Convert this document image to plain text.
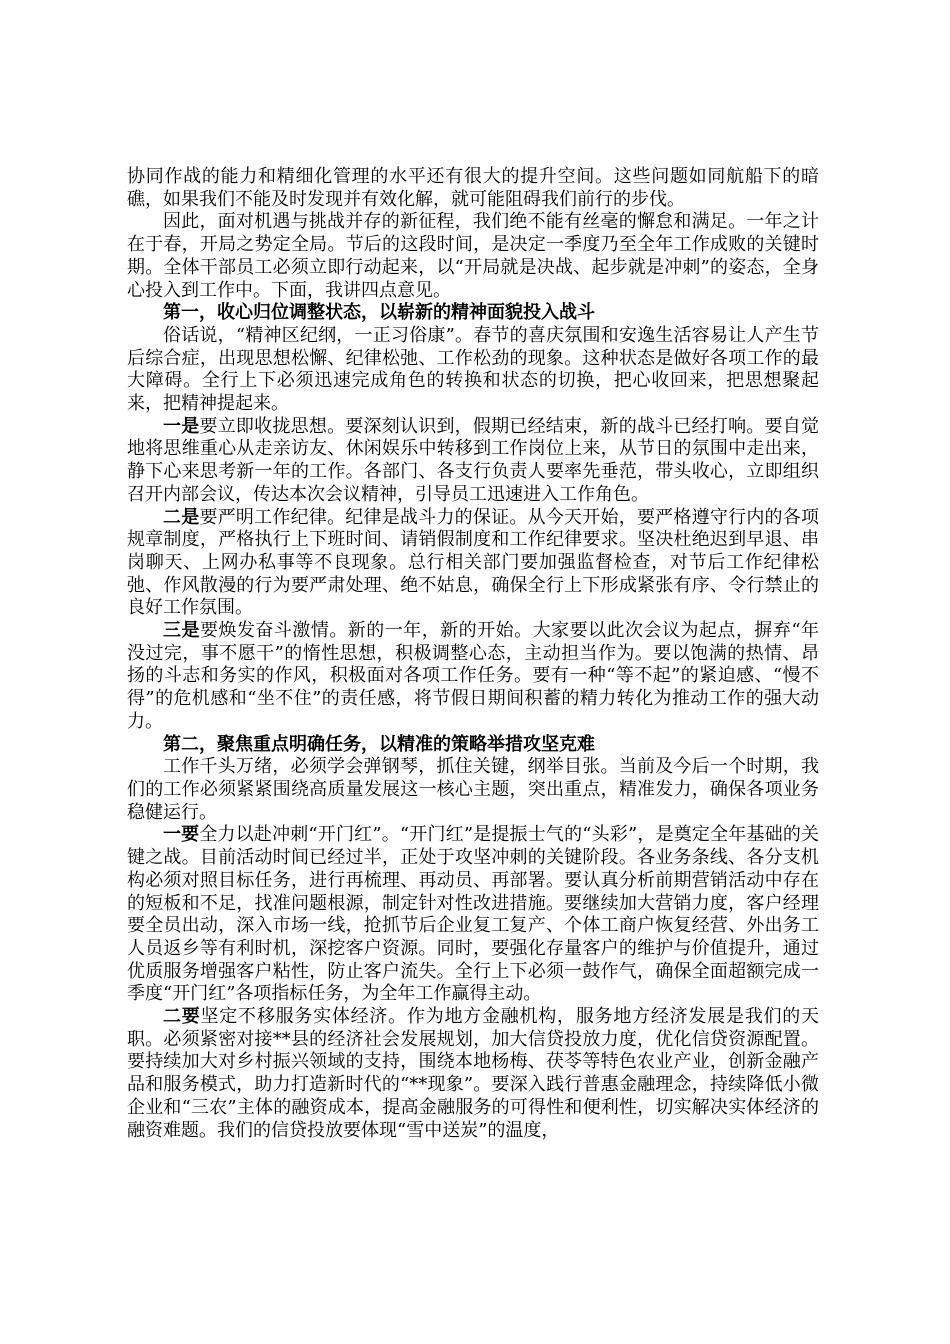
协同作战的能力和精细化管理的水平还有很大的提升空间。这些问题如同航船下的暗礁，如果我们不能及时发现并有效化解，就可能阻碍我们前行的步伐。

因此，面对机遇与挑战并存的新征程，我们绝不能有丝毫的懈怠和满足。一年之计在于春，开局之势定全局。节后的这段时间，是决定一季度乃至全年工作成败的关键时期。全体干部员工必须立即行动起来，以“开局就是决战、起步就是冲刺”的姿态，全身心投入到工作中。下面，我讲四点意见。

第一，收心归位调整状态，以崭新的精神面貌投入战斗

俗话说，“精神区纪纲，一正习俗康”。春节的喜庆氛围和安逸生活容易让人产生节后综合症，出现思想松懈、纪律松弛、工作松劲的现象。这种状态是做好各项工作的最大障碍。全行上下必须迅速完成角色的转换和状态的切换，把心收回来，把思想聚起来，把精神提起来。

一是要立即收拢思想。要深刻认识到，假期已经结束，新的战斗已经打响。要自觉地将思维重心从走亲访友、休闲娱乐中转移到工作岗位上来，从节日的氛围中走出来，静下心来思考新一年的工作。各部门、各支行负责人要率先垂范，带头收心，立即组织召开内部会议，传达本次会议精神，引导员工迅速进入工作角色。

二是要严明工作纪律。纪律是战斗力的保证。从今天开始，要严格遵守行内的各项规章制度，严格执行上下班时间、请销假制度和工作纪律要求。坚决杜绝迟到早退、串岗聊天、上网办私事等不良现象。总行相关部门要加强监督检查，对节后工作纪律松弛、作风散漫的行为要严肃处理、绝不姑息，确保全行上下形成紧张有序、令行禁止的良好工作氛围。

三是要焕发奋斗激情。新的一年，新的开始。大家要以此次会议为起点，摒弃“年没过完，事不愿干”的惰性思想，积极调整心态，主动担当作为。要以饱满的热情、昂扬的斗志和务实的作风，积极面对各项工作任务。要有一种“等不起”的紧迫感、“慢不得”的危机感和“坐不住”的责任感，将节假日期间积蓄的精力转化为推动工作的强大动力。

第二，聚焦重点明确任务，以精准的策略举措攻坚克难

工作千头万绪，必须学会弹钢琴，抓住关键，纲举目张。当前及今后一个时期，我们的工作必须紧紧围绕高质量发展这一核心主题，突出重点，精准发力，确保各项业务稳健运行。

一要全力以赴冲刺“开门红”。“开门红”是提振士气的“头彩”，是奠定全年基础的关键之战。目前活动时间已经过半，正处于攻坚冲刺的关键阶段。各业务条线、各分支机构必须对照目标任务，进行再梳理、再动员、再部署。要认真分析前期营销活动中存在的短板和不足，找准问题根源，制定针对性改进措施。要继续加大营销力度，客户经理要全员出动，深入市场一线，抢抓节后企业复工复产、个体工商户恢复经营、外出务工人员返乡等有利时机，深挖客户资源。同时，要强化存量客户的维护与价值提升，通过优质服务增强客户粘性，防止客户流失。全行上下必须一鼓作气，确保全面超额完成一季度“开门红”各项指标任务，为全年工作赢得主动。

二要坚定不移服务实体经济。作为地方金融机构，服务地方经济发展是我们的天职。必须紧密对接**县的经济社会发展规划，加大信贷投放力度，优化信贷资源配置。要持续加大对乡村振兴领域的支持，围绕本地杨梅、茯苓等特色农业产业，创新金融产品和服务模式，助力打造新时代的“**现象”。要深入践行普惠金融理念，持续降低小微企业和“三农”主体的融资成本，提高金融服务的可得性和便利性，切实解决实体经济的融资难题。我们的信贷投放要体现“雪中送炭”的温度，
